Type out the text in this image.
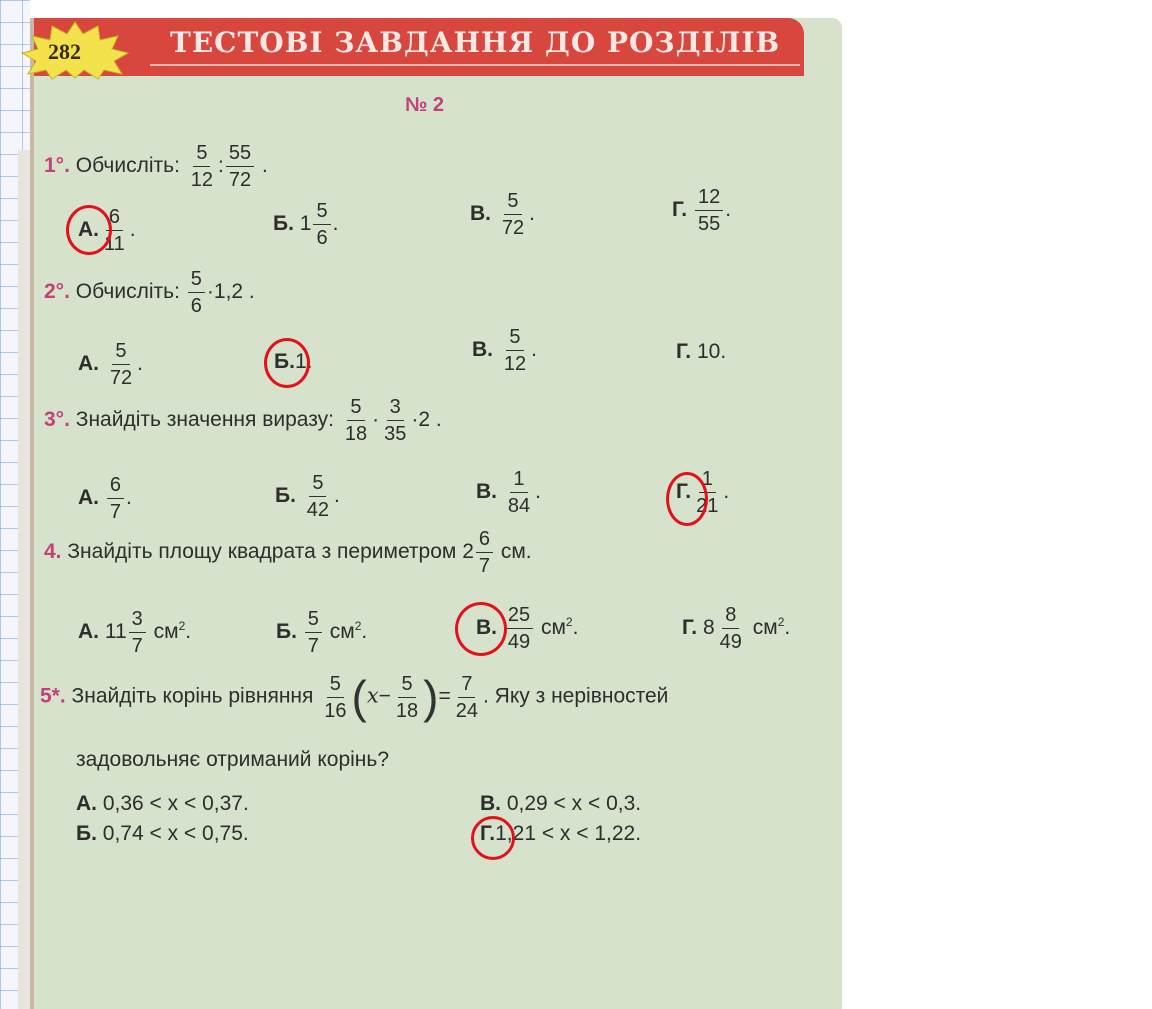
ТЕСТОВІ ЗАВДАННЯ ДО РОЗДІЛІВ
282
№ 2
1°. Обчисліть: $\frac{5}{12}$ : $\frac{55}{72}$ .
А. $\frac{6}{11}$ .	Б. $1 \frac{5}{6}$ .	В. $\frac{5}{72}$ .	Г. $\frac{12}{55}$ .
2°. Обчисліть: $\frac{5}{6} \cdot 1,2$ .
А. $\frac{5}{72}$ .	Б.1.
В. $\frac{5}{12}$ .	Г. 10.
3°. Знайдіть значення виразу: $\frac{5}{18} \cdot \frac{3}{35} \cdot 2$ .
А. $\frac{6}{7}$ .	Б. $\frac{5}{42}$ .	В. $\frac{1}{84}$ .	Г. $\frac{1}{21}$ .
4. Знайдіть площу квадрата з периметром $2 \frac{6}{7}$ см.
А. $11 \frac{3}{7} см^2$.	Б. $\frac{5}{7} см^2$.	В. $\frac{25}{49} см^2$.	Г. $8 \frac{8}{49} см^2$.
5*. Знайдіть корінь рівняння $\frac{5}{16} (x- \frac{5}{18}$ )= $\frac{7}{24}$ . Яку з нерівностей
задовольняє отриманий корінь?
А. 0,36 < x < 0,37.
Б. 0,74 < x < 0,75.
В. 0,29 < x < 0,3.
Г.1,21 < x < 1,22.
